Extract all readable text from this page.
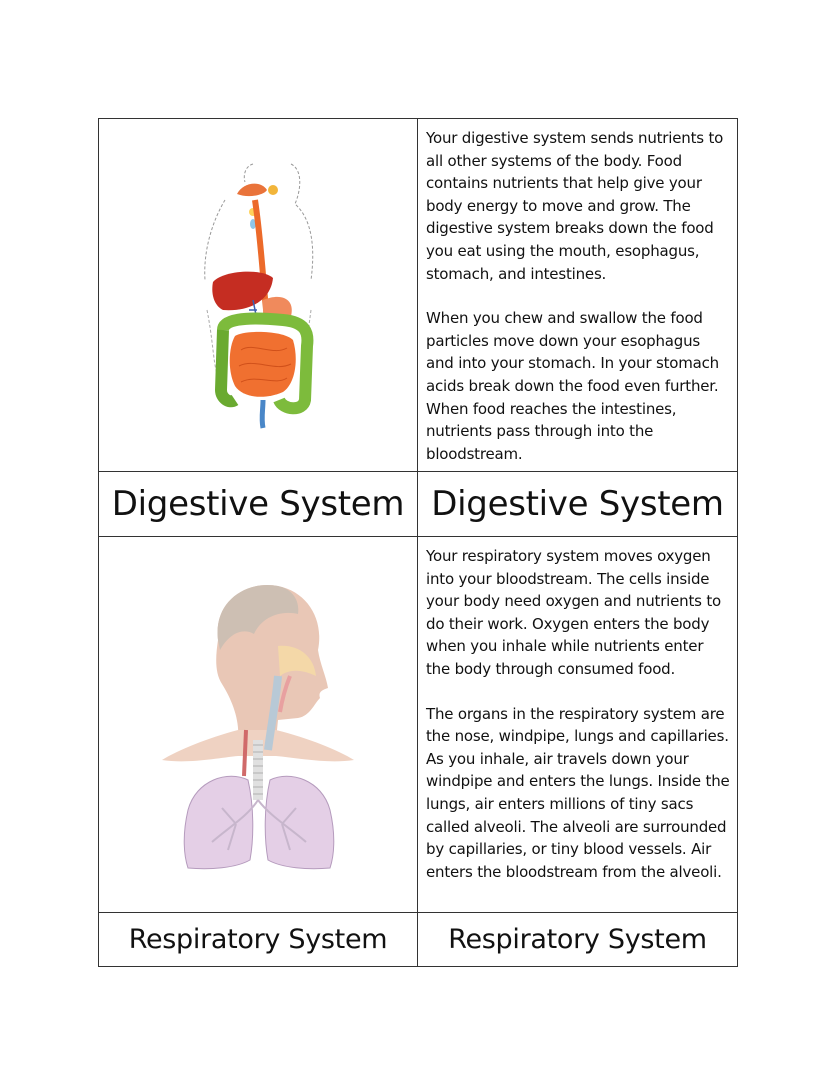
Your digestive system sends nutrients to all other systems of the body. Food contains nutrients that help give your body energy to move and grow. The digestive system breaks down the food you eat using the mouth, esophagus, stomach, and intestines.

When you chew and swallow the food particles move down your esophagus and into your stomach. In your stomach acids break down the food even further. When food reaches the intestines, nutrients pass through into the bloodstream.

Digestive System Digestive System

Your respiratory system moves oxygen into your bloodstream. The cells inside your body need oxygen and nutrients to do their work. Oxygen enters the body when you inhale while nutrients enter the body through consumed food.

The organs in the respiratory system are the nose, windpipe, lungs and capillaries. As you inhale, air travels down your windpipe and enters the lungs. Inside the lungs, air enters millions of tiny sacs called alveoli. The alveoli are surrounded by capillaries, or tiny blood vessels. Air enters the bloodstream from the alveoli.

Respiratory System	Respiratory System
